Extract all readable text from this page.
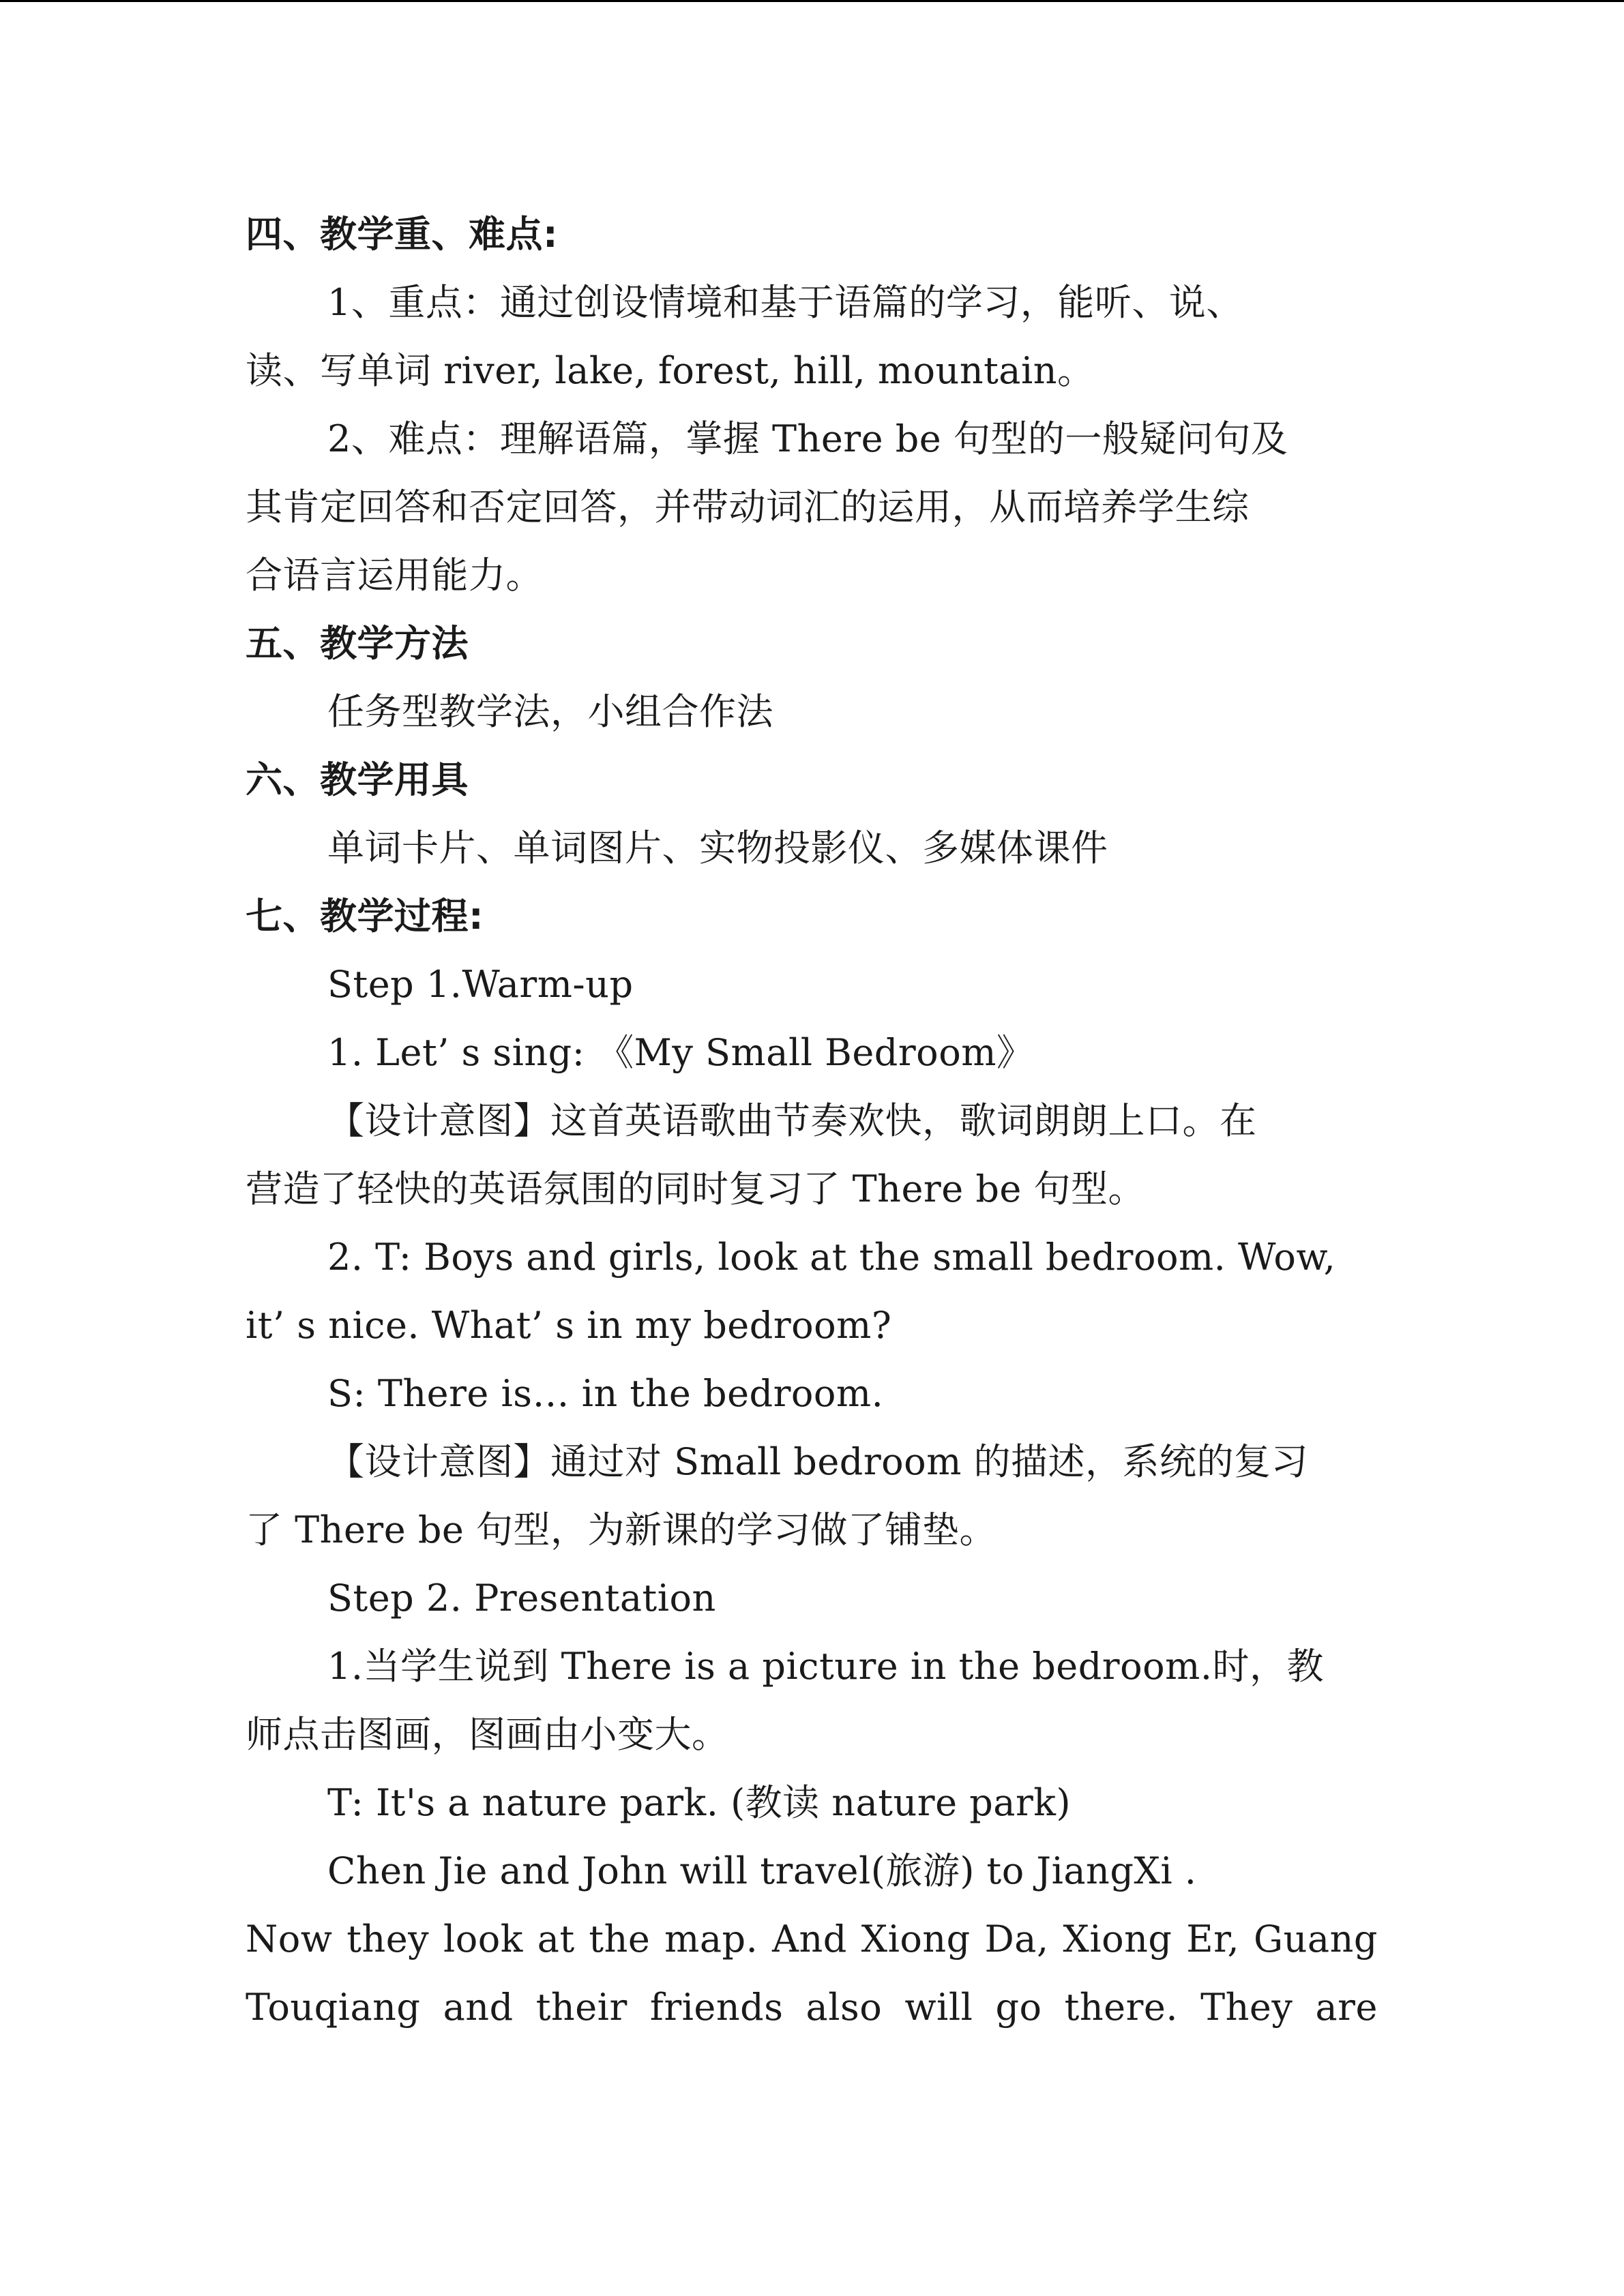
四、教学重、难点:
1、重点：通过创设情境和基于语篇的学习，能听、说、
读、写单词 river, lake, forest, hill, mountain。
2、难点：理解语篇，掌握 There be 句型的一般疑问句及
其肯定回答和否定回答，并带动词汇的运用，从而培养学生综
合语言运用能力。
五、教学方法
任务型教学法，小组合作法
六、教学用具
单词卡片、单词图片、实物投影仪、多媒体课件
七、教学过程:
Step 1.Warm-up
1. Let’ s sing: 《My Small Bedroom》
【设计意图】这首英语歌曲节奏欢快，歌词朗朗上口。在
营造了轻快的英语氛围的同时复习了 There be 句型。
2. T: Boys and girls, look at the small bedroom. Wow,
it’ s nice. What’ s in my bedroom?
S: There is… in the bedroom.
【设计意图】通过对 Small bedroom 的描述，系统的复习
了 There be 句型，为新课的学习做了铺垫。
Step 2. Presentation
1.当学生说到 There is a picture in the bedroom.时，教
师点击图画，图画由小变大。
T: It's a nature park. (教读 nature park)
Chen Jie and John will travel(旅游) to JiangXi .
Now they look at the map. And Xiong Da, Xiong Er, Guang
Touqiang and their friends also will go there. They are
